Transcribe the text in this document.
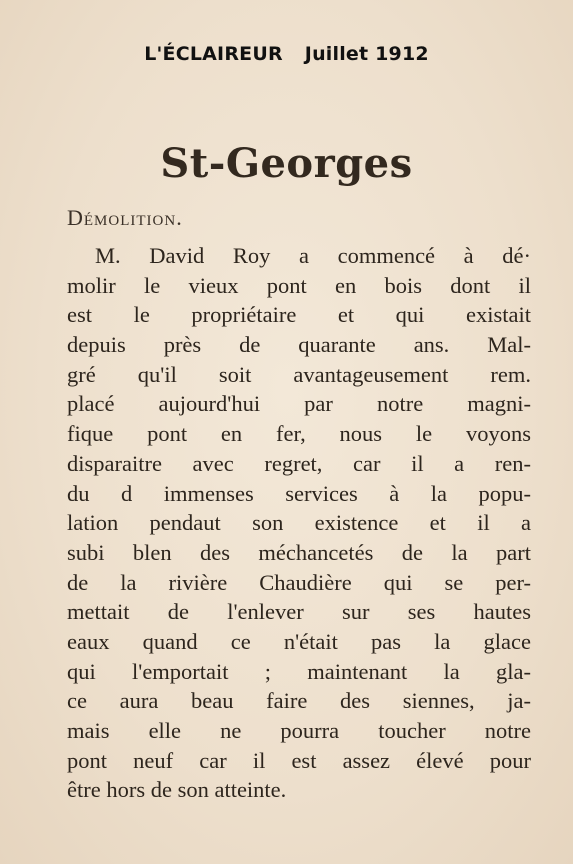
L'ÉCLAIREUR Juillet 1912
St-Georges
Démolition.
M. David Roy a commencé à dé·
molir le vieux pont en bois dont il
est le propriétaire et qui existait
depuis près de quarante ans. Mal-
gré qu'il soit avantageusement rem.
placé aujourd'hui par notre magni-
fique pont en fer, nous le voyons
disparaitre avec regret, car il a ren-
du d immenses services à la popu-
lation pendaut son existence et il a
subi blen des méchancetés de la part
de la rivière Chaudière qui se per-
mettait de l'enlever sur ses hautes
eaux quand ce n'était pas la glace
qui l'emportait ; maintenant la gla-
ce aura beau faire des siennes, ja-
mais elle ne pourra toucher notre
pont neuf car il est assez élevé pour
être hors de son atteinte.
